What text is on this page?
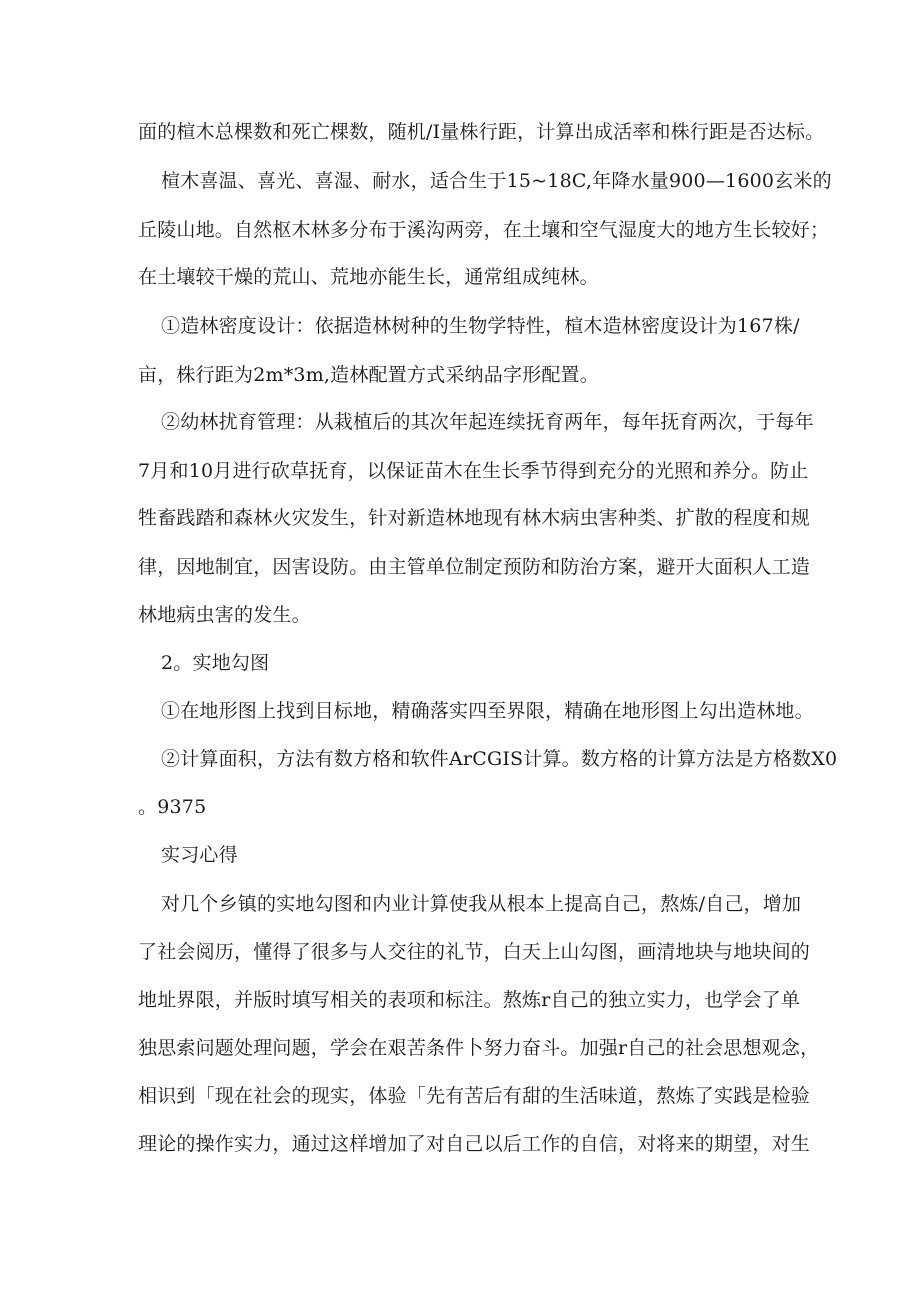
面的楦木总棵数和死亡棵数，随机/I量株行距，计算出成活率和株行距是否达标。
楦木喜温、喜光、喜湿、耐水，适合生于15~18C,年降水量900—1600玄米的
丘陵山地。自然枢木林多分布于溪沟两旁，在土壤和空气湿度大的地方生长较好；
在土壤较干燥的荒山、荒地亦能生长，通常组成纯林。
①造林密度设计：依据造林树种的生物学特性，楦木造林密度设计为167株/
亩，株行距为2m*3m,造林配置方式采纳品字形配置。
②幼林扰育管理：从栽植后的其次年起连续抚育两年，每年抚育两次，于每年
7月和10月进行砍草抚育，以保证苗木在生长季节得到充分的光照和养分。防止
牲畜践踏和森林火灾发生，针对新造林地现有林木病虫害种类、扩散的程度和规
律，因地制宜，因害设防。由主管单位制定预防和防治方案，避开大面积人工造
林地病虫害的发生。
2。实地勾图
①在地形图上找到目标地，精确落实四至界限，精确在地形图上勾出造林地。
②计算面积，方法有数方格和软件ArCGIS计算。数方格的计算方法是方格数X0
。9375
实习心得
对几个乡镇的实地勾图和内业计算使我从根本上提高自己，熬炼/自己，增加
了社会阅历，懂得了很多与人交往的礼节，白天上山勾图，画清地块与地块间的
地址界限，并版时填写相关的表项和标注。熬炼r自己的独立实力，也学会了单
独思索问题处理问题，学会在艰苦条件卜努力奋斗。加强r自己的社会思想观念，
相识到「现在社会的现实，体验「先有苦后有甜的生活味道，熬炼了实践是检验
理论的操作实力，通过这样增加了对自己以后工作的自信，对将来的期望，对生
